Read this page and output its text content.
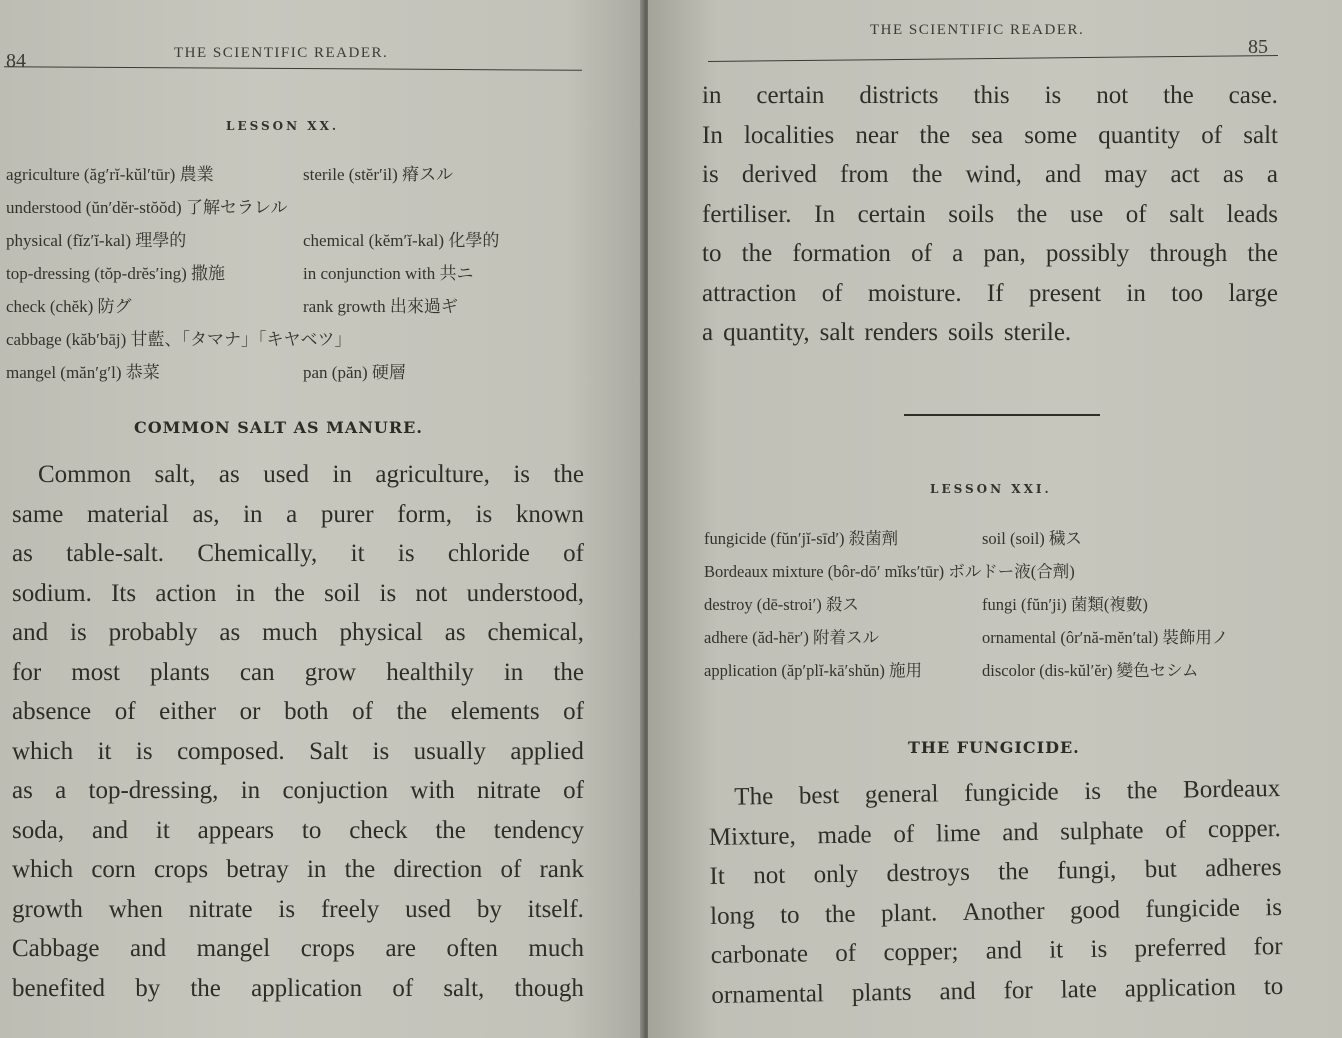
84	THE SCIENTIFIC READER.
LESSON XX.
agriculture (ăg′rĭ-kŭl′tūr) 農業	sterile (stĕr′il) 瘠スル
understood (ŭn′dĕr-stŏŏd) 了解セラレル
physical (fĭz′ĭ-kal) 理學的	chemical (kĕm′ĭ-kal) 化學的
top-dressing (tŏp-drĕs′ing) 撒施	in conjunction with 共ニ
check (chĕk) 防グ	rank growth 出來過ギ
cabbage (kăb′bāj) 甘藍、「タマナ」「キヤベツ」
mangel (măn′g′l) 恭菜	pan (păn) 硬層
COMMON SALT AS MANURE.
Common salt, as used in agriculture, is the
same material as, in a purer form, is known
as table-salt. Chemically, it is chloride of
sodium. Its action in the soil is not understood,
and is probably as much physical as chemical,
for most plants can grow healthily in the
absence of either or both of the elements of
which it is composed. Salt is usually applied
as a top-dressing, in conjuction with nitrate of
soda, and it appears to check the tendency
which corn crops betray in the direction of rank
growth when nitrate is freely used by itself.
Cabbage and mangel crops are often much
benefited by the application of salt, though
THE SCIENTIFIC READER.
85
in certain districts this is not the case.
In localities near the sea some quantity of salt
is derived from the wind, and may act as a
fertiliser. In certain soils the use of salt leads
to the formation of a pan, possibly through the
attraction of moisture. If present in too large
a quantity, salt renders soils sterile.
LESSON XXI.
fungicide (fŭn′jĭ-sīd′) 殺菌劑	soil (soil) 穢ス
Bordeaux mixture (bôr-dō′ mĭks′tūr) ボルドー液(合劑)
destroy (dē-stroi′) 殺ス	fungi (fŭn′ji) 菌類(複數)
adhere (ăd-hēr′) 附着スル	ornamental (ôr′nă-mĕn′tal) 裝飾用ノ
application (ăp′plĭ-kā′shŭn) 施用	discolor (dis-kŭl′ĕr) 變色セシム
THE FUNGICIDE.
The best general fungicide is the Bordeaux
Mixture, made of lime and sulphate of copper.
It not only destroys the fungi, but adheres
long to the plant. Another good fungicide is
carbonate of copper; and it is preferred for
ornamental plants and for late application to
